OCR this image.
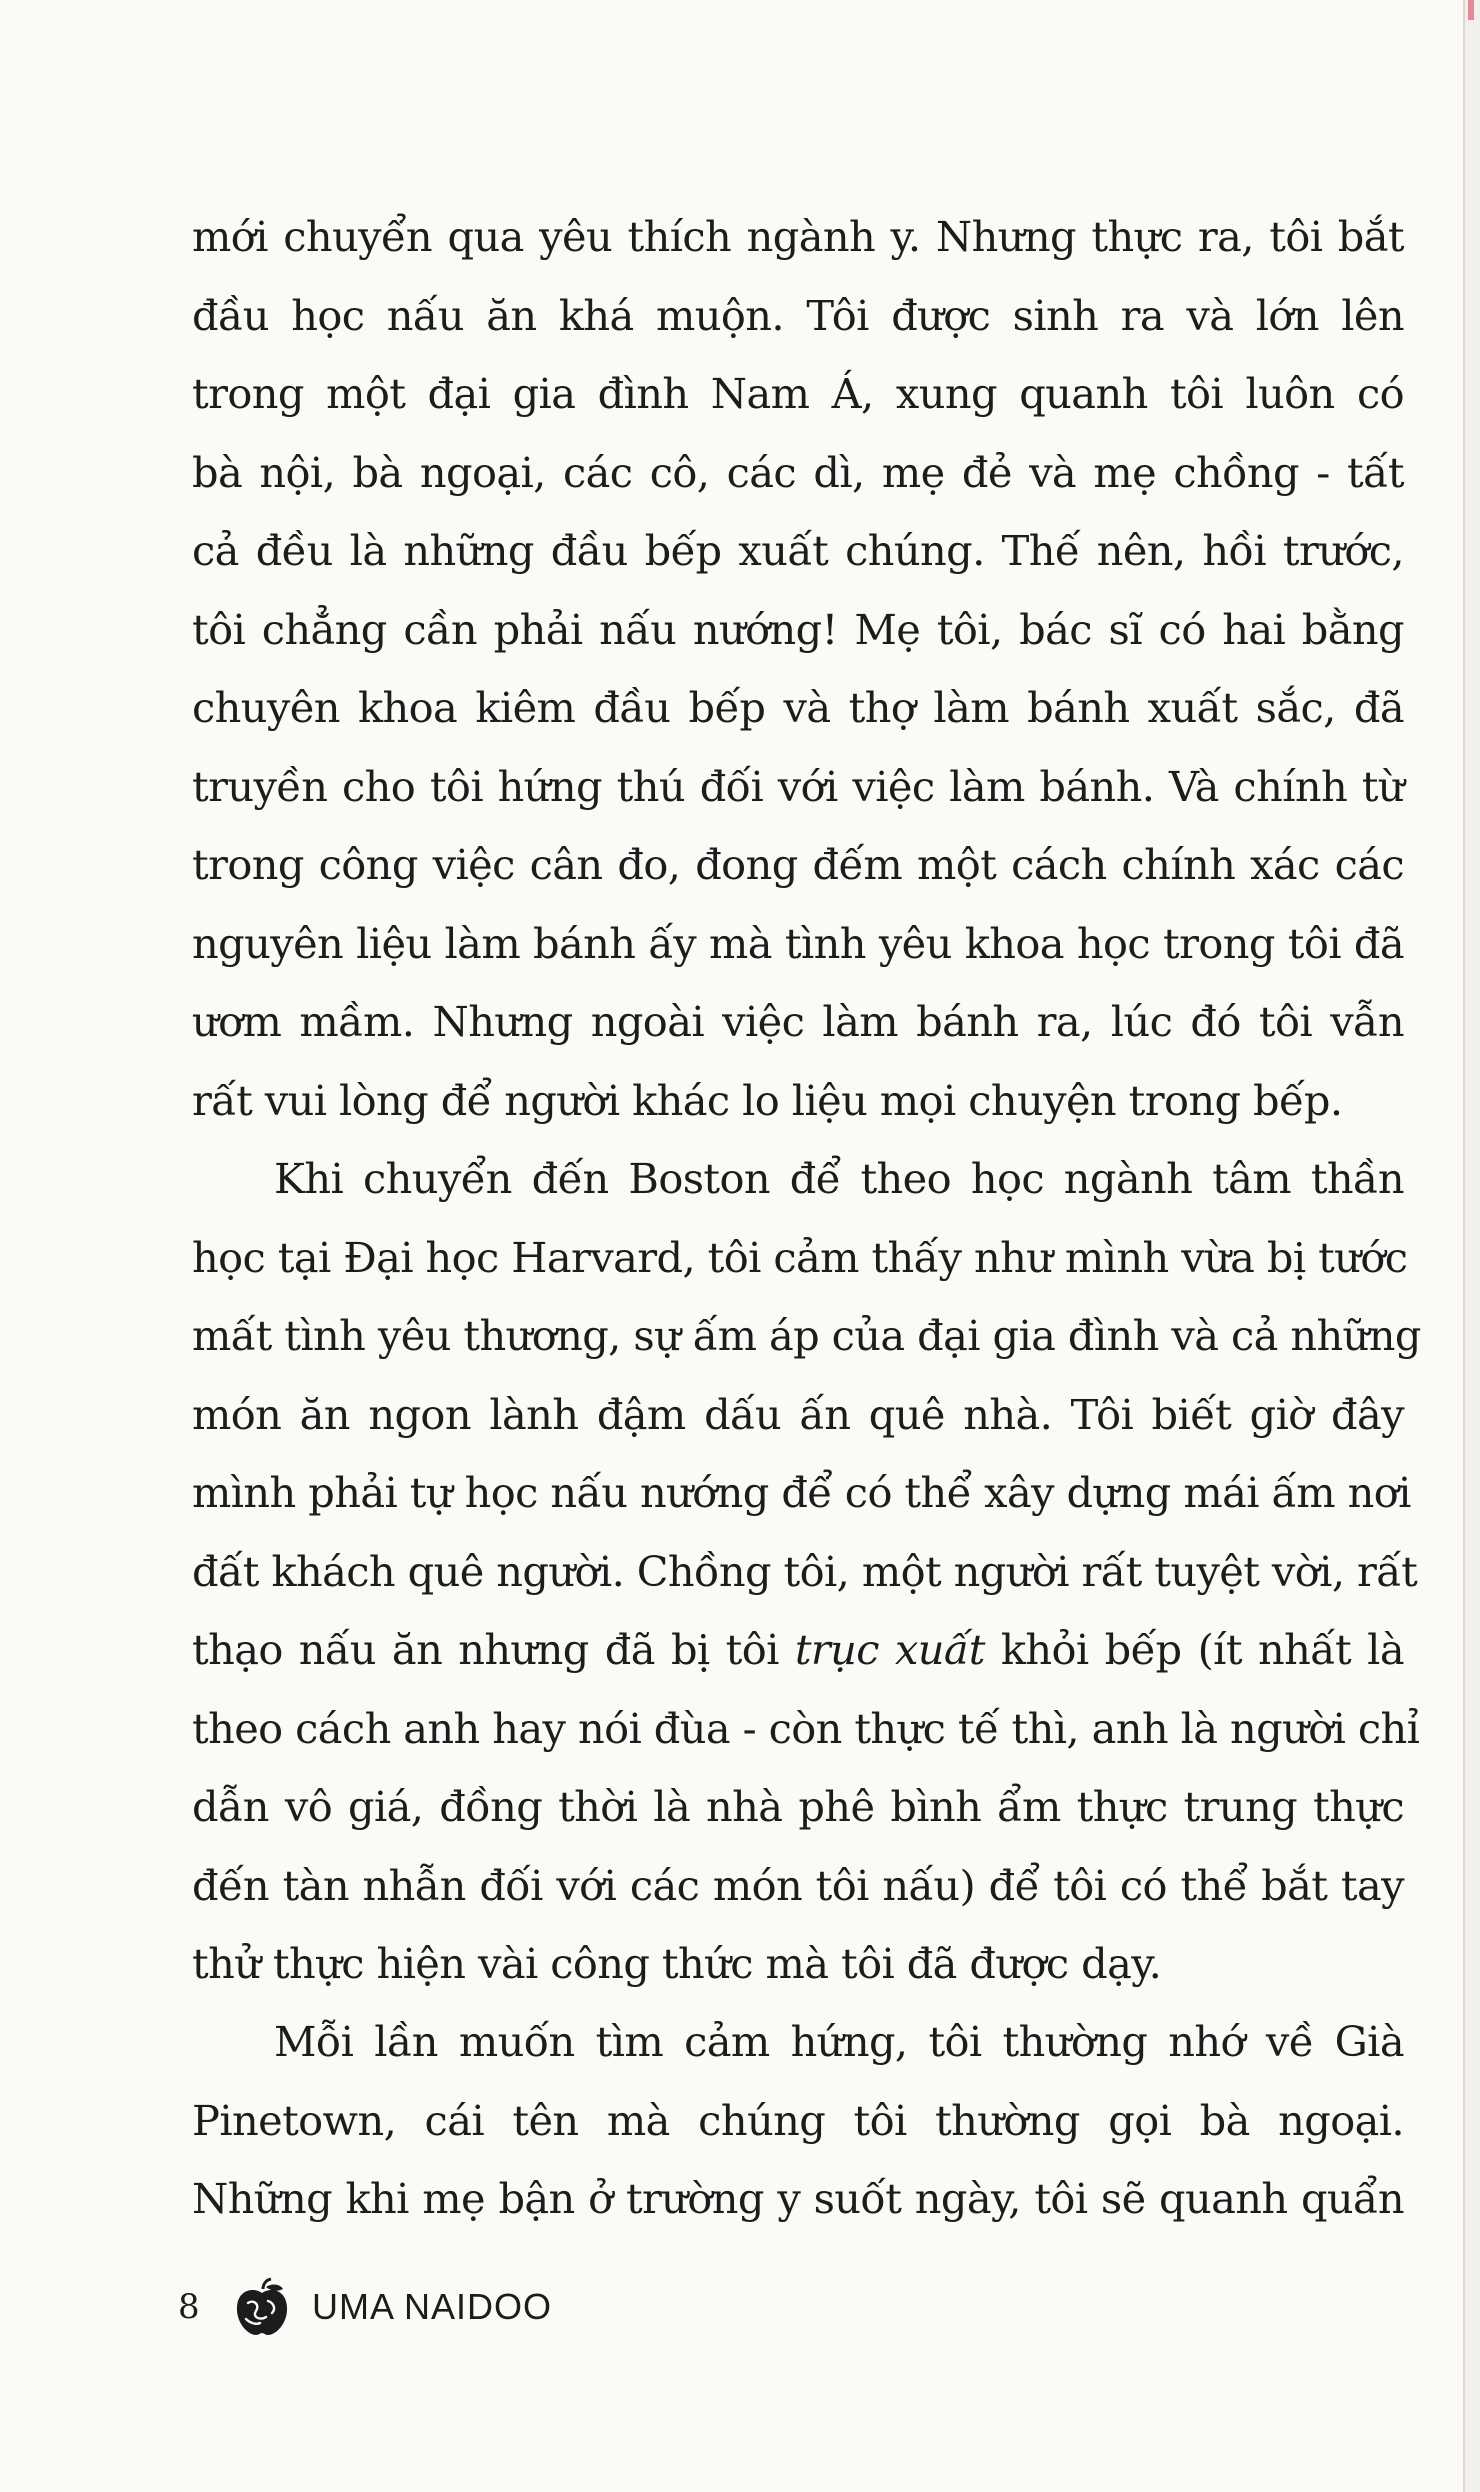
mới chuyển qua yêu thích ngành y. Nhưng thực ra, tôi bắt
đầu học nấu ăn khá muộn. Tôi được sinh ra và lớn lên
trong một đại gia đình Nam Á, xung quanh tôi luôn có
bà nội, bà ngoại, các cô, các dì, mẹ đẻ và mẹ chồng - tất
cả đều là những đầu bếp xuất chúng. Thế nên, hồi trước,
tôi chẳng cần phải nấu nướng! Mẹ tôi, bác sĩ có hai bằng
chuyên khoa kiêm đầu bếp và thợ làm bánh xuất sắc, đã
truyền cho tôi hứng thú đối với việc làm bánh. Và chính từ
trong công việc cân đo, đong đếm một cách chính xác các
nguyên liệu làm bánh ấy mà tình yêu khoa học trong tôi đã
ươm mầm. Nhưng ngoài việc làm bánh ra, lúc đó tôi vẫn
rất vui lòng để người khác lo liệu mọi chuyện trong bếp.
Khi chuyển đến Boston để theo học ngành tâm thần
học tại Đại học Harvard, tôi cảm thấy như mình vừa bị tước
mất tình yêu thương, sự ấm áp của đại gia đình và cả những
món ăn ngon lành đậm dấu ấn quê nhà. Tôi biết giờ đây
mình phải tự học nấu nướng để có thể xây dựng mái ấm nơi
đất khách quê người. Chồng tôi, một người rất tuyệt vời, rất
thạo nấu ăn nhưng đã bị tôi trục xuất khỏi bếp (ít nhất là
theo cách anh hay nói đùa - còn thực tế thì, anh là người chỉ
dẫn vô giá, đồng thời là nhà phê bình ẩm thực trung thực
đến tàn nhẫn đối với các món tôi nấu) để tôi có thể bắt tay
thử thực hiện vài công thức mà tôi đã được dạy.
Mỗi lần muốn tìm cảm hứng, tôi thường nhớ về Già
Pinetown, cái tên mà chúng tôi thường gọi bà ngoại.
Những khi mẹ bận ở trường y suốt ngày, tôi sẽ quanh quẩn
8	UMA NAIDOO
